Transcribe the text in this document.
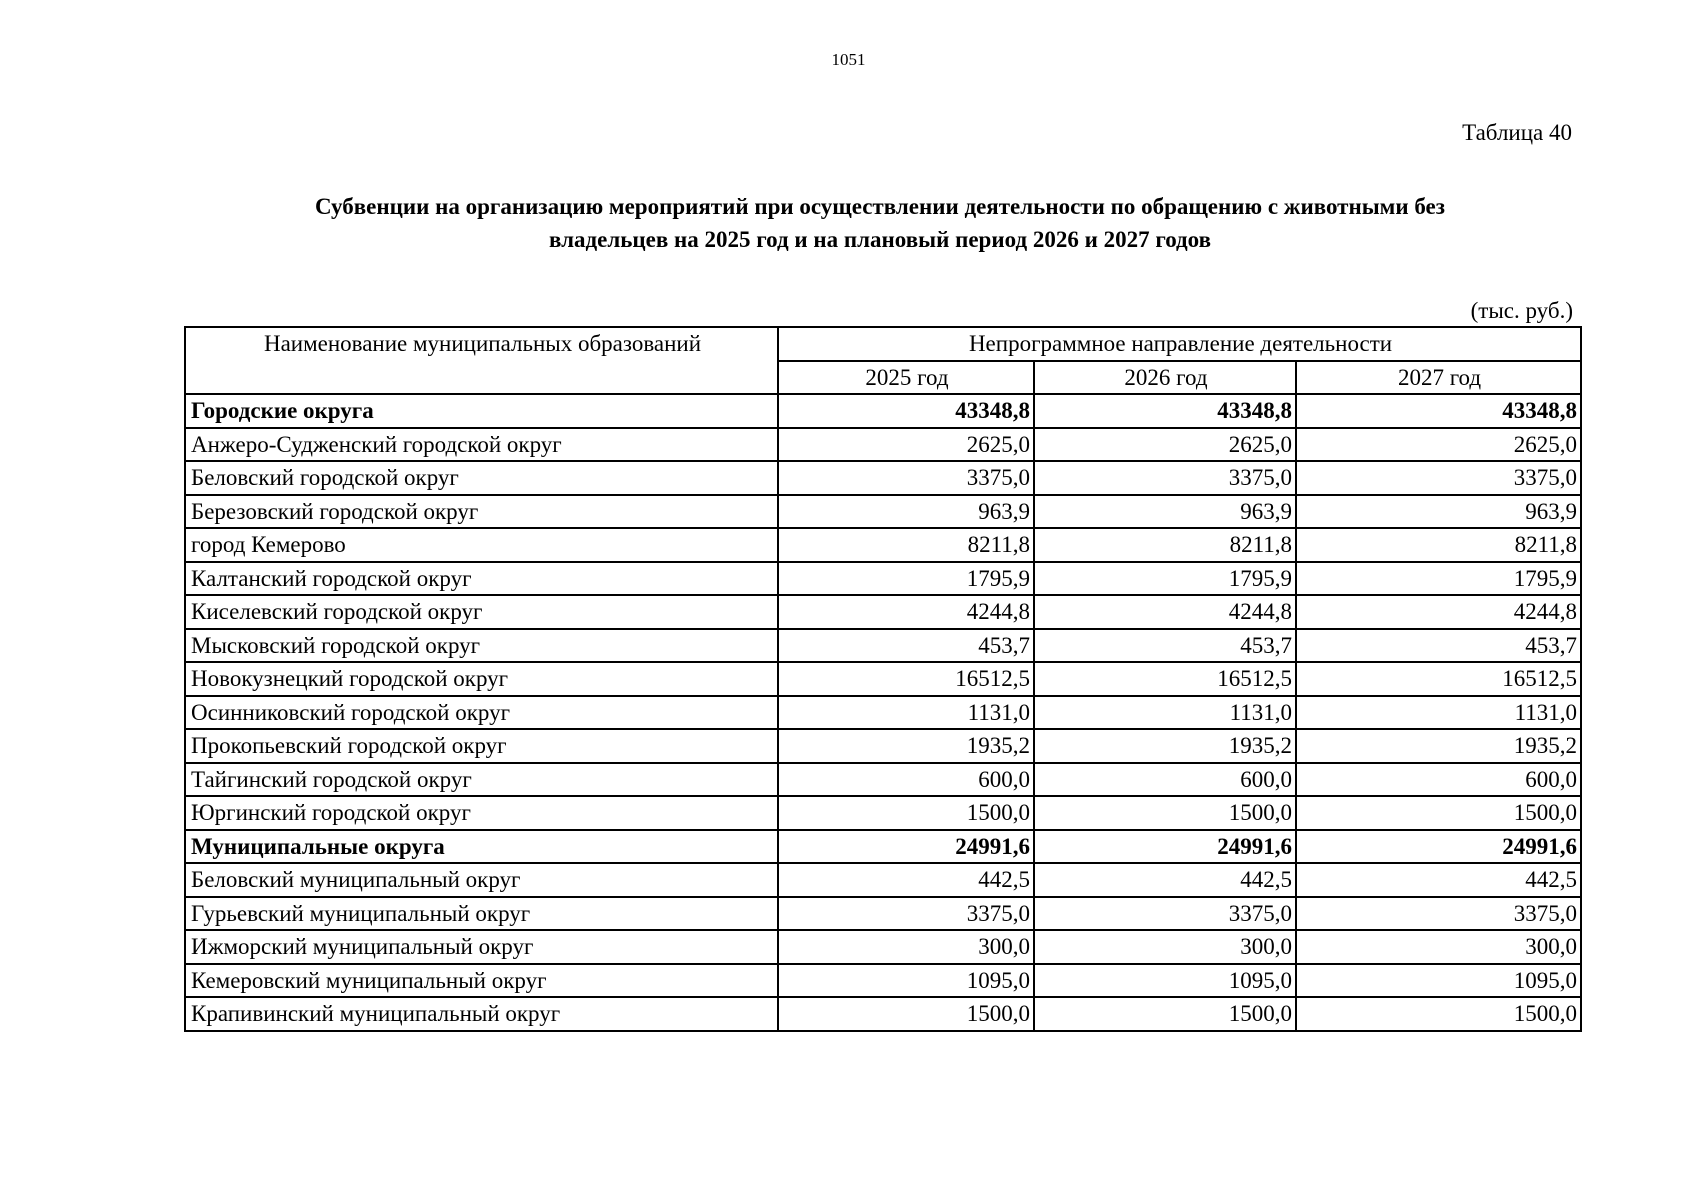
1051
Таблица 40
Субвенции на организацию мероприятий при осуществлении деятельности по обращению с животными без
владельцев на 2025 год и на плановый период 2026 и 2027 годов
(тыс. руб.)
Наименование муниципальных образований	Непрограммное направление деятельности		
	2025 год	2026 год	2027 год
Городские округа	43348,8	43348,8	43348,8
Анжеро-Судженский городской округ	2625,0	2625,0	2625,0
Беловский городской округ	3375,0	3375,0	3375,0
Березовский городской округ	963,9	963,9	963,9
город Кемерово	8211,8	8211,8	8211,8
Калтанский городской округ	1795,9	1795,9	1795,9
Киселевский городской округ	4244,8	4244,8	4244,8
Мысковский городской округ	453,7	453,7	453,7
Новокузнецкий городской округ	16512,5	16512,5	16512,5
Осинниковский городской округ	1131,0	1131,0	1131,0
Прокопьевский городской округ	1935,2	1935,2	1935,2
Тайгинский городской округ	600,0	600,0	600,0
Юргинский городской округ	1500,0	1500,0	1500,0
Муниципальные округа	24991,6	24991,6	24991,6
Беловский муниципальный округ	442,5	442,5	442,5
Гурьевский муниципальный округ	3375,0	3375,0	3375,0
Ижморский муниципальный округ	300,0	300,0	300,0
Кемеровский муниципальный округ	1095,0	1095,0	1095,0
Крапивинский муниципальный округ	1500,0	1500,0	1500,0
